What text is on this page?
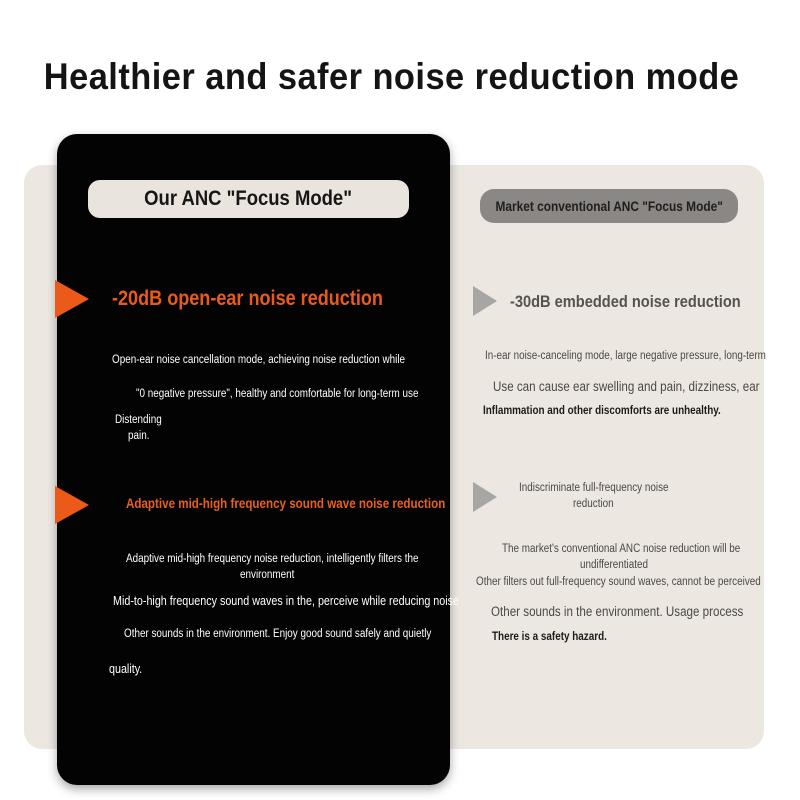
Healthier and safer noise reduction mode
Our ANC "Focus Mode"	Market conventional ANC "Focus Mode"
-20dB open-ear noise reduction
Open-ear noise cancellation mode, achieving noise reduction while
"0 negative pressure", healthy and comfortable for long-term use
Distending
pain.
Adaptive mid-high frequency sound wave noise reduction
Adaptive mid-high frequency noise reduction, intelligently filters the
environment
Mid-to-high frequency sound waves in the, perceive while reducing noise
Other sounds in the environment. Enjoy good sound safely and quietly
quality.
-30dB embedded noise reduction
In-ear noise-canceling mode, large negative pressure, long-term
Use can cause ear swelling and pain, dizziness, ear
Inflammation and other discomforts are unhealthy.
Indiscriminate full-frequency noise
reduction
The market's conventional ANC noise reduction will be
undifferentiated
Other filters out full-frequency sound waves, cannot be perceived
Other sounds in the environment. Usage process
There is a safety hazard.
